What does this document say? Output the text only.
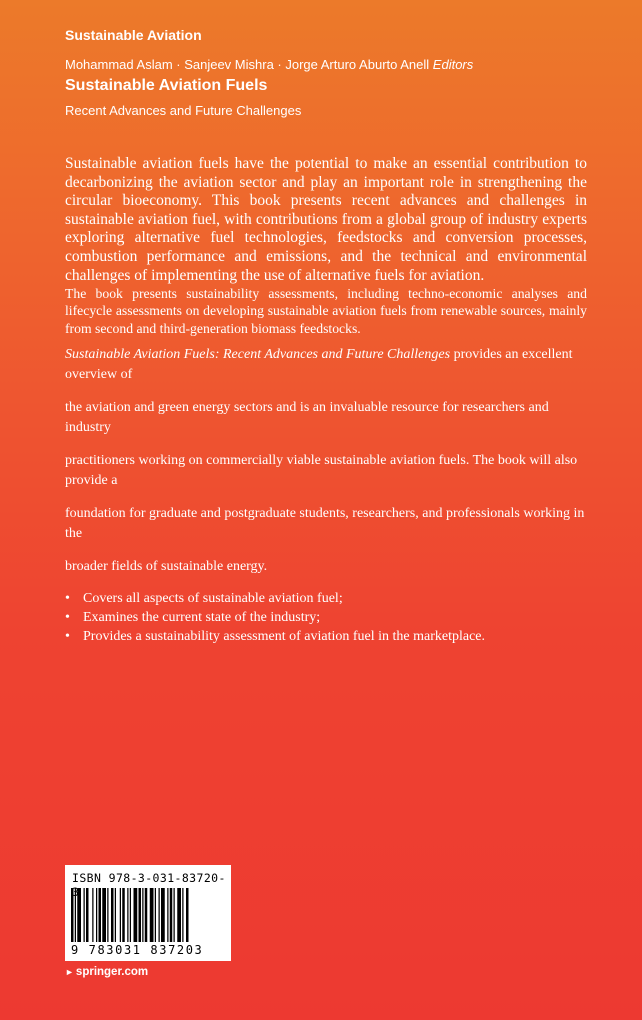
Sustainable Aviation
Mohammad Aslam · Sanjeev Mishra · Jorge Arturo Aburto Anell Editors
Sustainable Aviation Fuels
Recent Advances and Future Challenges

Sustainable aviation fuels have the potential to make an essential contribution to decarbonizing the aviation sector and play an important role in strengthening the circular bioeconomy. This book presents recent advances and challenges in sustainable aviation fuel, with contributions from a global group of industry experts exploring alternative fuel technologies, feedstocks and conversion processes, combustion performance and emissions, and the technical and environmental challenges of implementing the use of alternative fuels for aviation.

The book presents sustainability assessments, including techno-economic analyses and lifecycle assessments on developing sustainable aviation fuels from renewable sources, mainly from second and third-generation biomass feedstocks.

Sustainable Aviation Fuels: Recent Advances and Future Challenges provides an excellent overview of

the aviation and green energy sectors and is an invaluable resource for researchers and industry

practitioners working on commercially viable sustainable aviation fuels. The book will also provide a

foundation for graduate and postgraduate students, researchers, and professionals working in the

broader fields of sustainable energy.

• Covers all aspects of sustainable aviation fuel;
• Examines the current state of the industry;
• Provides a sustainability assessment of aviation fuel in the marketplace.
ISBN 978-3-031-83720-
9 783031 837203
► springer.com
